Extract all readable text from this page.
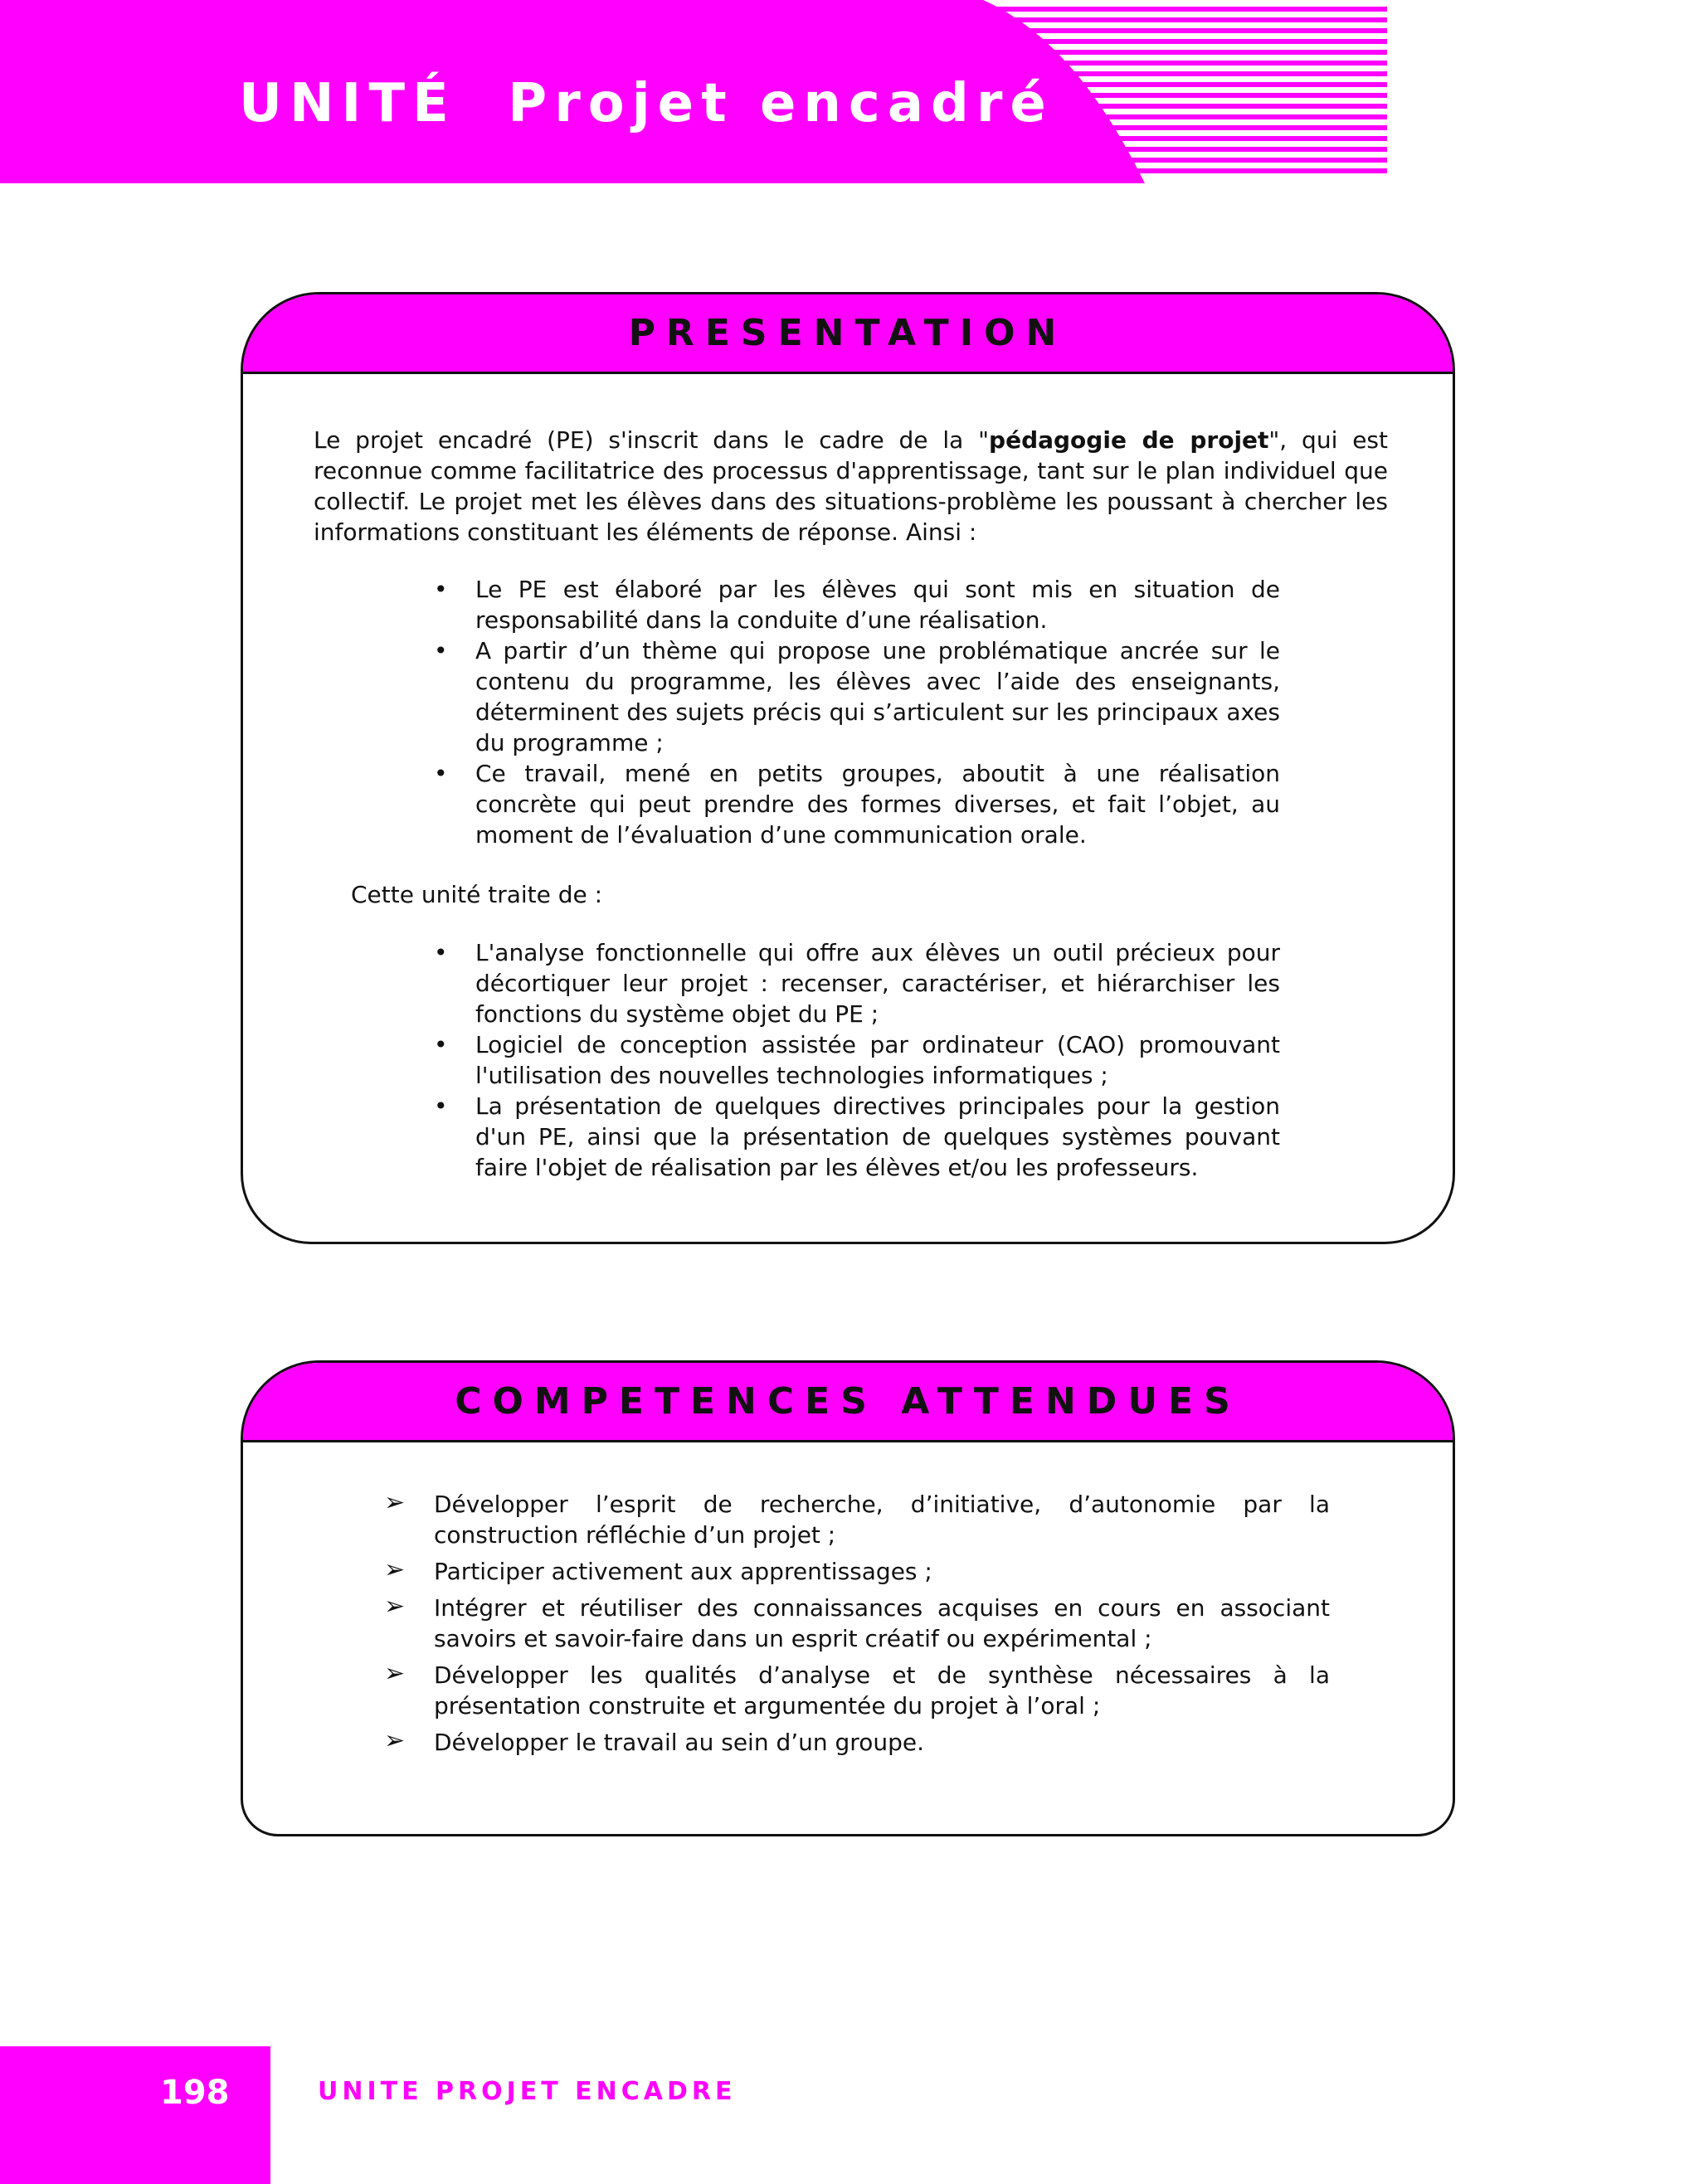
UNITÉ  Projet encadré
PRESENTATION

Le projet encadré (PE) s'inscrit dans le cadre de la "pédagogie de projet", qui est reconnue comme facilitatrice des processus d'apprentissage, tant sur le plan individuel que collectif. Le projet met les élèves dans des situations-problème les poussant à chercher les informations constituant les éléments de réponse. Ainsi :

•	Le PE est élaboré par les élèves qui sont mis en situation de responsabilité dans la conduite d’une réalisation.
•	A partir d’un thème qui propose une problématique ancrée sur le contenu du programme, les élèves avec l’aide des enseignants, déterminent des sujets précis qui s’articulent sur les principaux axes du programme ;
•	Ce travail, mené en petits groupes, aboutit à une réalisation concrète qui peut prendre des formes diverses, et fait l’objet, au moment de l’évaluation d’une communication orale.

Cette unité traite de :

•	L'analyse fonctionnelle qui offre aux élèves un outil précieux pour décortiquer leur projet : recenser, caractériser, et hiérarchiser les fonctions du système objet du PE ;
•	Logiciel de conception assistée par ordinateur (CAO) promouvant l'utilisation des nouvelles technologies informatiques ;
•	La présentation de quelques directives principales pour la gestion d'un PE, ainsi que la présentation de quelques systèmes pouvant faire l'objet de réalisation par les élèves et/ou les professeurs.
COMPETENCES ATTENDUES
➢	Développer l’esprit de recherche, d’initiative, d’autonomie par la construction réfléchie d’un projet ;
➢	Participer activement aux apprentissages ;
➢	Intégrer et réutiliser des connaissances acquises en cours en associant savoirs et savoir-faire dans un esprit créatif ou expérimental ;
➢	Développer les qualités d’analyse et de synthèse nécessaires à la présentation construite et argumentée du projet à l’oral ;
➢	Développer le travail au sein d’un groupe.
198	UNITE PROJET ENCADRE
